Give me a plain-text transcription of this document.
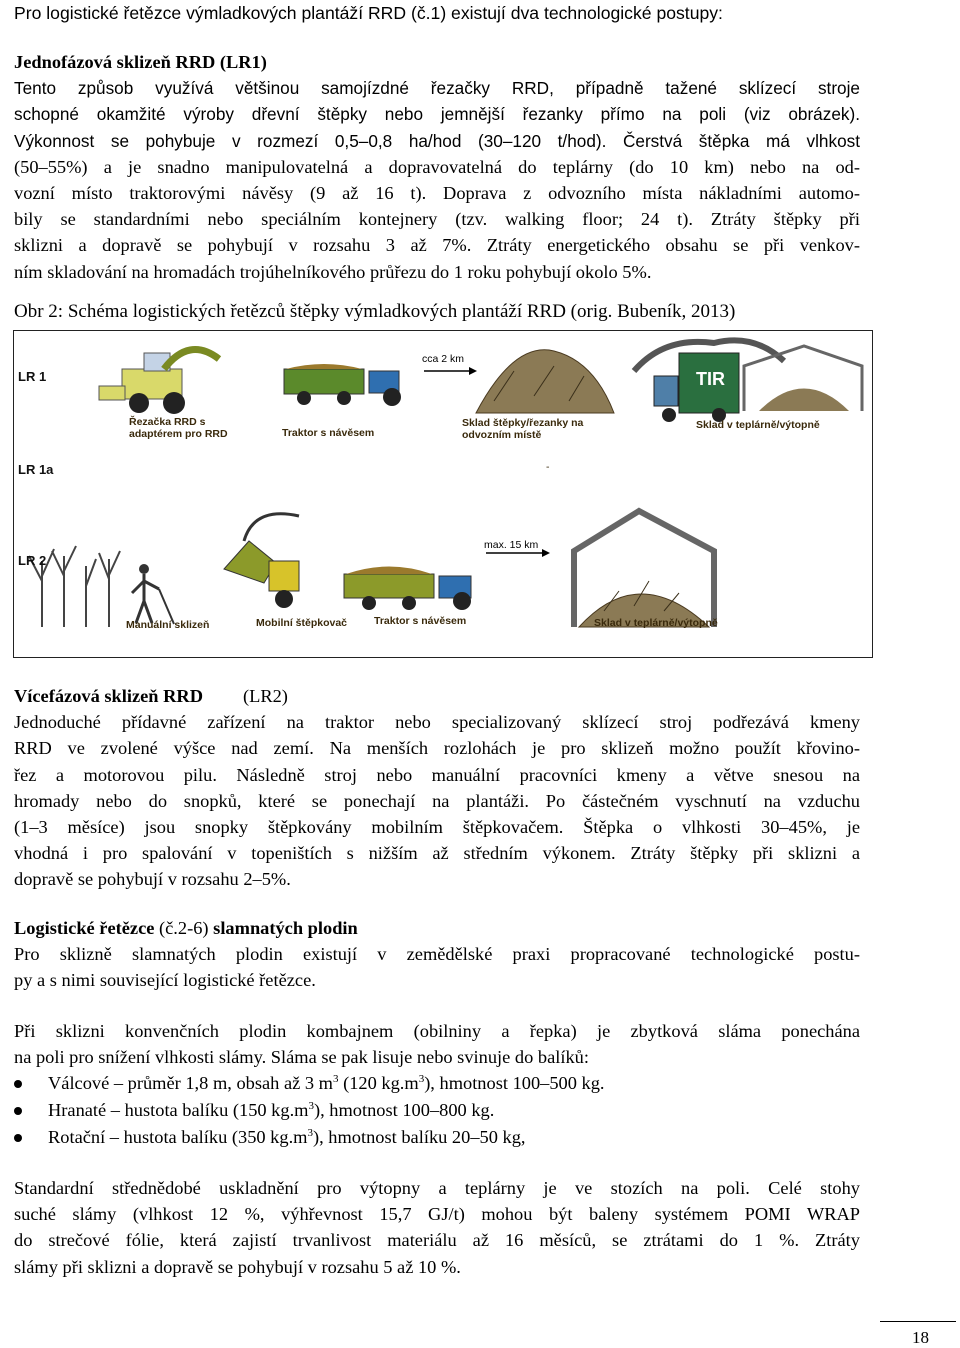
Pro logistické řetězce výmladkových plantáží RRD (č.1) existují dva technologické postupy:
Jednofázová sklizeň RRD (LR1)
Tento způsob využívá většinou samojízdné řezačky RRD, případně tažené sklízecí stroje
schopné okamžité výroby dřevní štěpky nebo jemnější řezanky přímo na poli (viz obrázek).
Výkonnost se pohybuje v rozmezí 0,5–0,8 ha/hod (30–120 t/hod). Čerstvá štěpka má vlhkost
(50–55%) a je snadno manipulovatelná a dopravovatelná do teplárny (do 10 km) nebo na od-
vozní místo traktorovými návěsy (9 až 16 t). Doprava z odvozního místa nákladními automo-
bily se standardními nebo speciálním kontejnery (tzv. walking floor; 24 t). Ztráty štěpky při
sklizni a dopravě se pohybují v rozsahu 3 až 7%. Ztráty energetického obsahu se při venkov-
ním skladování na hromadách trojúhelníkového průřezu do 1 roku pohybují okolo 5%.
Obr 2: Schéma logistických řetězců štěpky výmladkových plantáží RRD (orig. Bubeník, 2013)
LR 1
LR 1a
LR 2
Řezačka RRD s adaptérem pro RRD	Traktor s návěsem
cca 2 km
Sklad štěpky/řezanky na odvozním místě
TIR
Sklad v teplárně/výtopně
-
max. 15 km
Manuální sklizeň	Mobilní štěpkovač	Traktor s návěsem	Sklad v teplárně/výtopně
Vícefázová sklizeň RRD (LR2)
Jednoduché přídavné zařízení na traktor nebo specializovaný sklízecí stroj podřezává kmeny
RRD ve zvolené výšce nad zemí. Na menších rozlohách je pro sklizeň možno použít křovino-
řez a motorovou pilu. Následně stroj nebo manuální pracovníci kmeny a větve snesou na
hromady nebo do snopků, které se ponechají na plantáži. Po částečném vyschnutí na vzduchu
(1–3 měsíce) jsou snopky štěpkovány mobilním štěpkovačem. Štěpka o vlhkosti 30–45%, je
vhodná i pro spalování v topeništích s nižším až středním výkonem. Ztráty štěpky při sklizni a
dopravě se pohybují v rozsahu 2–5%.
Logistické řetězce (č.2-6) slamnatých plodin
Pro sklizně slamnatých plodin existují v zemědělské praxi propracované technologické postu-
py a s nimi související logistické řetězce.
Při sklizni konvenčních plodin kombajnem (obilniny a řepka) je zbytková sláma ponechána
na poli pro snížení vlhkosti slámy. Sláma se pak lisuje nebo svinuje do balíků:
Válcové – průměr 1,8 m, obsah až 3 $m^3$ (120 $kg.m^3$), hmotnost 100–500 kg.
Hranaté – hustota balíku (150 $kg.m^3$), hmotnost 100–800 kg.
Rotační – hustota balíku (350 $kg.m^3$), hmotnost balíku 20–50 kg,
Standardní střednědobé uskladnění pro výtopny a teplárny je ve stozích na poli. Celé stohy
suché slámy (vlhkost 12 %, výhřevnost 15,7 GJ/t) mohou být baleny systémem POMI WRAP
do strečové fólie, která zajistí trvanlivost materiálu až 16 měsíců, se ztrátami do 1 %. Ztráty
slámy při sklizni a dopravě se pohybují v rozsahu 5 až 10 %.
18
